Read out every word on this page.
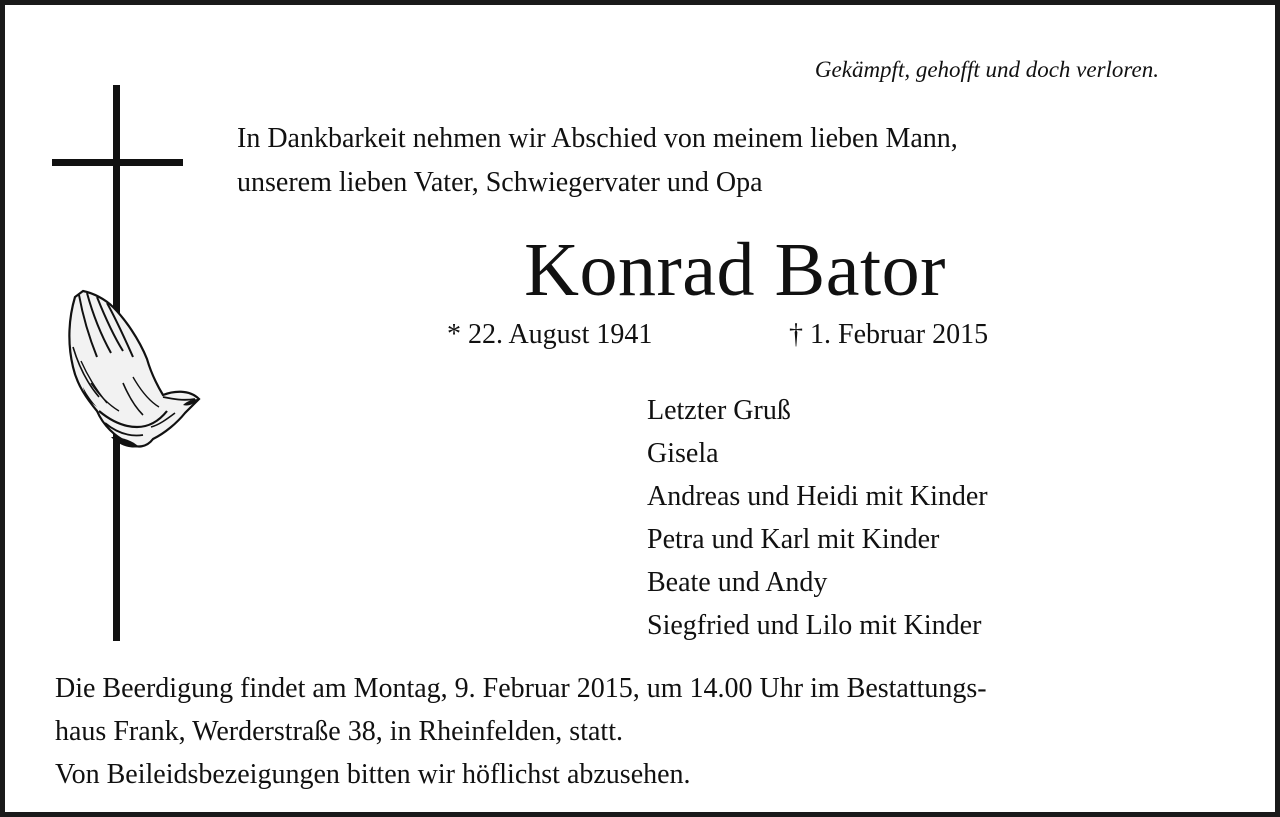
Gekämpft, gehofft und doch verloren.
In Dankbarkeit nehmen wir Abschied von meinem lieben Mann,
unserem lieben Vater, Schwiegervater und Opa
Konrad Bator
* 22. August 1941	† 1. Februar 2015
Letzter Gruß
Gisela
Andreas und Heidi mit Kinder
Petra und Karl mit Kinder
Beate und Andy
Siegfried und Lilo mit Kinder
Die Beerdigung findet am Montag, 9. Februar 2015, um 14.00 Uhr im Bestattungs-
haus Frank, Werderstraße 38, in Rheinfelden, statt.
Von Beileidsbezeigungen bitten wir höflichst abzusehen.
